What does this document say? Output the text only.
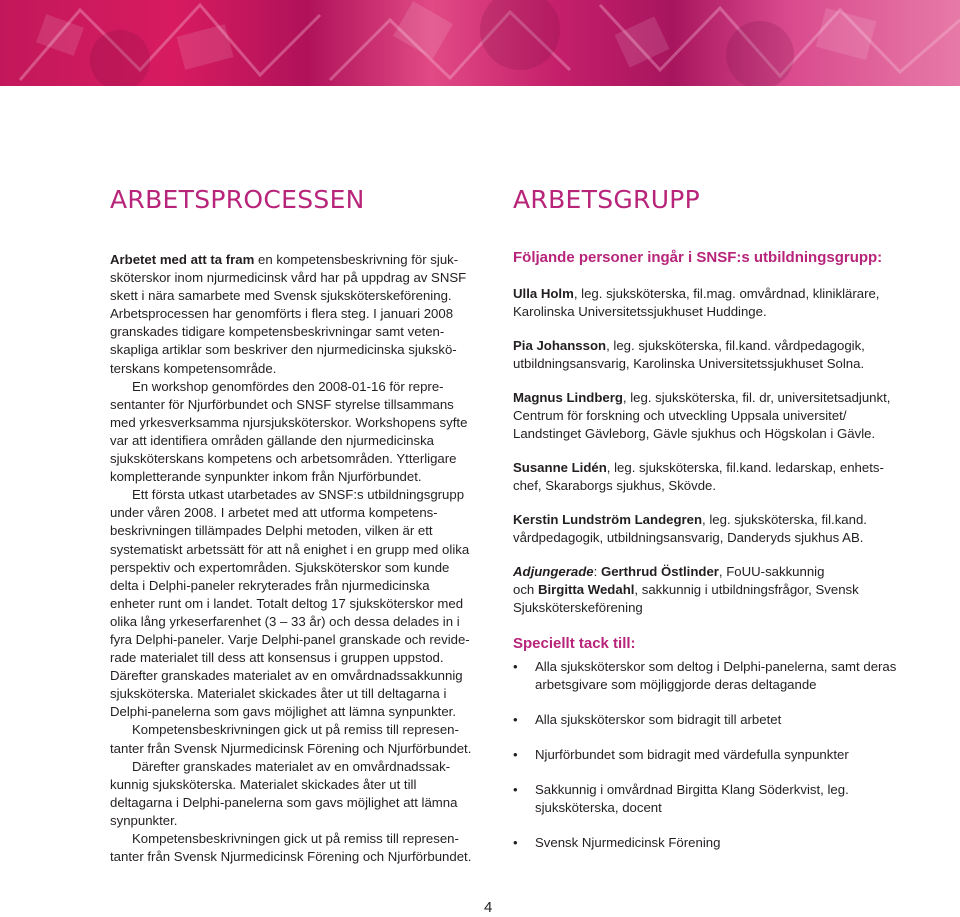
ARBETSPROCESSEN	ARBETSGRUPP

Arbetet med att ta fram en kompetensbeskrivning för sjuksköterskor inom njurmedicinsk vård har på uppdrag av SNSF skett i nära samarbete med Svensk sjuksköterskeförening. Arbetsprocessen har genomförts i flera steg. I januari 2008 granskades tidigare kompetensbeskrivningar samt vetenskapliga artiklar som beskriver den njurmedicinska sjuksköterskans kompetensområde.

En workshop genomfördes den 2008-01-16 för representanter för Njurförbundet och SNSF styrelse tillsammans med yrkesverksamma njursjuksköterskor. Workshopens syfte var att identifiera områden gällande den njurmedicinska sjuksköterskans kompetens och arbetsområden. Ytterligare kompletterande synpunkter inkom från Njurförbundet.

Ett första utkast utarbetades av SNSF:s utbildningsgrupp under våren 2008. I arbetet med att utforma kompetensbeskrivningen tillämpades Delphi metoden, vilken är ett systematiskt arbetssätt för att nå enighet i en grupp med olika perspektiv och expertområden. Sjuksköterskor som kunde delta i Delphi-paneler rekryterades från njurmedicinska enheter runt om i landet. Totalt deltog 17 sjuksköterskor med olika lång yrkeserfarenhet (3 – 33 år) och dessa delades in i fyra Delphi-paneler. Varje Delphi-panel granskade och reviderade materialet till dess att konsensus i gruppen uppstod. Därefter granskades materialet av en omvårdnadssakkunnig sjuksköterska. Materialet skickades åter ut till deltagarna i Delphi-panelerna som gavs möjlighet att lämna synpunkter.

Kompetensbeskrivningen gick ut på remiss till representanter från Svensk Njurmedicinsk Förening och Njurförbundet.

Därefter granskades materialet av en omvårdnadssakkunnig sjuksköterska. Materialet skickades åter ut till deltagarna i Delphi-panelerna som gavs möjlighet att lämna synpunkter.

Kompetensbeskrivningen gick ut på remiss till representanter från Svensk Njurmedicinsk Förening och Njurförbundet.

Följande personer ingår i SNSF:s utbildningsgrupp:

Ulla Holm, leg. sjuksköterska, fil.mag. omvårdnad, kliniklärare, Karolinska Universitetssjukhuset Huddinge.

Pia Johansson, leg. sjuksköterska, fil.kand. vårdpedagogik, utbildningsansvarig, Karolinska Universitetssjukhuset Solna.

Magnus Lindberg, leg. sjuksköterska, fil. dr, universitetsadjunkt, Centrum för forskning och utveckling Uppsala universitet/ Landstinget Gävleborg, Gävle sjukhus och Högskolan i Gävle.

Susanne Lidén, leg. sjuksköterska, fil.kand. ledarskap, enhetschef, Skaraborgs sjukhus, Skövde.

Kerstin Lundström Landegren, leg. sjuksköterska, fil.kand. vårdpedagogik, utbildningsansvarig, Danderyds sjukhus AB.

Adjungerade: Gerthrud Östlinder, FoUU-sakkunnig
och Birgitta Wedahl, sakkunnig i utbildningsfrågor, Svensk Sjuksköterskeförening

Speciellt tack till:

• Alla sjuksköterskor som deltog i Delphi-panelerna, samt deras arbetsgivare som möjliggjorde deras deltagande
• Alla sjuksköterskor som bidragit till arbetet
• Njurförbundet som bidragit med värdefulla synpunkter
• Sakkunnig i omvårdnad Birgitta Klang Söderkvist, leg. sjuksköterska, docent
• Svensk Njurmedicinsk Förening
4
